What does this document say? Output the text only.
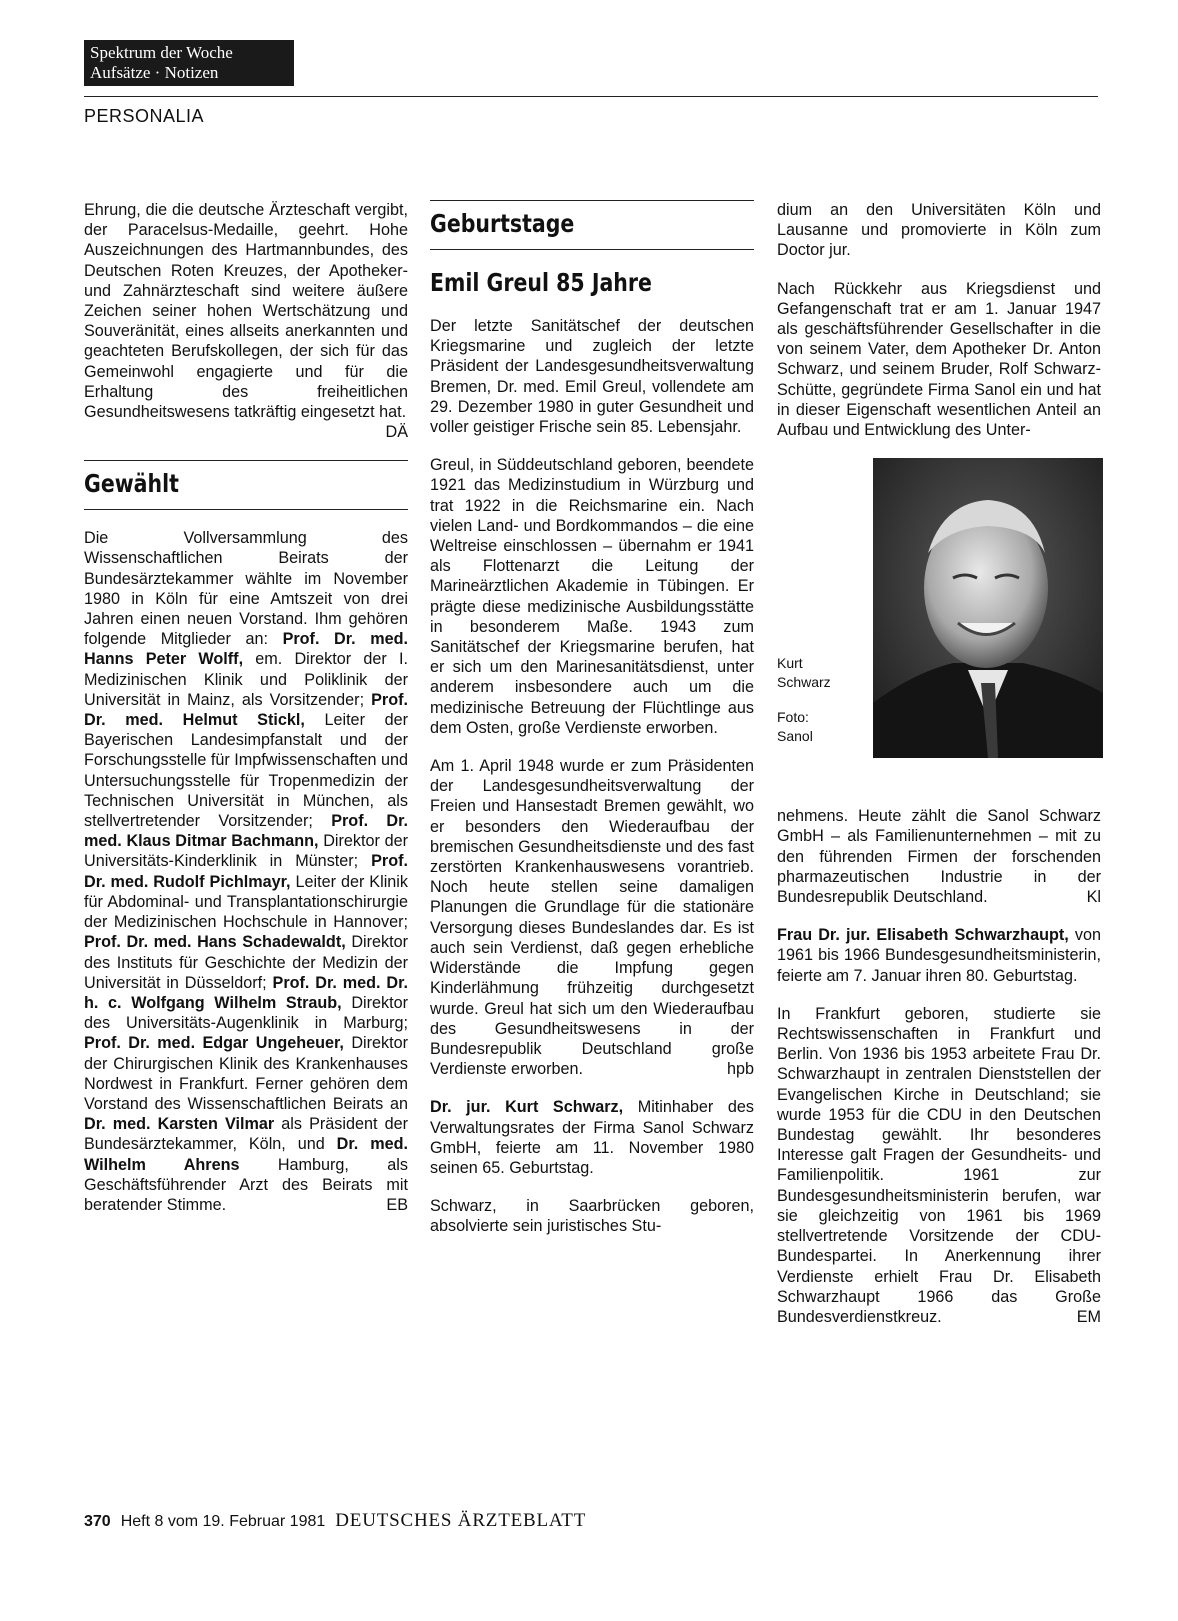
Spektrum der Woche
Aufsätze · Notizen
PERSONALIA

Ehrung, die die deutsche Ärzteschaft vergibt, der Paracelsus-Medaille, geehrt. Hohe Auszeichnungen des Hartmannbundes, des Deutschen Roten Kreuzes, der Apotheker- und Zahnärzteschaft sind weitere äußere Zeichen seiner hohen Wertschätzung und Souveränität, eines allseits anerkannten und geachteten Berufskollegen, der sich für das Gemeinwohl engagierte und für die Erhaltung des freiheitlichen Gesundheitswesens tatkräftig eingesetzt hat.
DÄ

Gewählt

Die Vollversammlung des Wissenschaftlichen Beirats der Bundesärztekammer wählte im November 1980 in Köln für eine Amtszeit von drei Jahren einen neuen Vorstand. Ihm gehören folgende Mitglieder an: Prof. Dr. med. Hanns Peter Wolff, em. Direktor der I. Medizinischen Klinik und Poliklinik der Universität in Mainz, als Vorsitzender; Prof. Dr. med. Helmut Stickl, Leiter der Bayerischen Landesimpfanstalt und der Forschungsstelle für Impfwissenschaften und Untersuchungsstelle für Tropenmedizin der Technischen Universität in München, als stellvertretender Vorsitzender; Prof. Dr. med. Klaus Ditmar Bachmann, Direktor der Universitäts-Kinderklinik in Münster; Prof. Dr. med. Rudolf Pichlmayr, Leiter der Klinik für Abdominal- und Transplantationschirurgie der Medizinischen Hochschule in Hannover; Prof. Dr. med. Hans Schadewaldt, Direktor des Instituts für Geschichte der Medizin der Universität in Düsseldorf; Prof. Dr. med. Dr. h. c. Wolfgang Wilhelm Straub, Direktor des Universitäts-Augenklinik in Marburg; Prof. Dr. med. Edgar Ungeheuer, Direktor der Chirurgischen Klinik des Krankenhauses Nordwest in Frankfurt. Ferner gehören dem Vorstand des Wissenschaftlichen Beirats an Dr. med. Karsten Vilmar als Präsident der Bundesärztekammer, Köln, und Dr. med. Wilhelm Ahrens Hamburg, als Geschäftsführender Arzt des Beirats mit beratender Stimme.	EB

Geburtstage
Emil Greul 85 Jahre

Der letzte Sanitätschef der deutschen Kriegsmarine und zugleich der letzte Präsident der Landesgesundheitsverwaltung Bremen, Dr. med. Emil Greul, vollendete am 29. Dezember 1980 in guter Gesundheit und voller geistiger Frische sein 85. Lebensjahr.

Greul, in Süddeutschland geboren, beendete 1921 das Medizinstudium in Würzburg und trat 1922 in die Reichsmarine ein. Nach vielen Land- und Bordkommandos – die eine Weltreise einschlossen – übernahm er 1941 als Flottenarzt die Leitung der Marineärztlichen Akademie in Tübingen. Er prägte diese medizinische Ausbildungsstätte in besonderem Maße. 1943 zum Sanitätschef der Kriegsmarine berufen, hat er sich um den Marinesanitätsdienst, unter anderem insbesondere auch um die medizinische Betreuung der Flüchtlinge aus dem Osten, große Verdienste erworben.

Am 1. April 1948 wurde er zum Präsidenten der Landesgesundheitsverwaltung der Freien und Hansestadt Bremen gewählt, wo er besonders den Wiederaufbau der bremischen Gesundheitsdienste und des fast zerstörten Krankenhauswesens vorantrieb. Noch heute stellen seine damaligen Planungen die Grundlage für die stationäre Versorgung dieses Bundeslandes dar. Es ist auch sein Verdienst, daß gegen erhebliche Widerstände die Impfung gegen Kinderlähmung frühzeitig durchgesetzt wurde. Greul hat sich um den Wiederaufbau des Gesundheitswesens in der Bundesrepublik Deutschland große Verdienste erworben.	hpb

Dr. jur. Kurt Schwarz, Mitinhaber des Verwaltungsrates der Firma Sanol Schwarz GmbH, feierte am 11. November 1980 seinen 65. Geburtstag.

Schwarz, in Saarbrücken geboren, absolvierte sein juristisches Stu-

dium an den Universitäten Köln und Lausanne und promovierte in Köln zum Doctor jur.

Nach Rückkehr aus Kriegsdienst und Gefangenschaft trat er am 1. Januar 1947 als geschäftsführender Gesellschafter in die von seinem Vater, dem Apotheker Dr. Anton Schwarz, und seinem Bruder, Rolf Schwarz-Schütte, gegründete Firma Sanol ein und hat in dieser Eigenschaft wesentlichen Anteil an Aufbau und Entwicklung des Unter-

Kurt
Schwarz
Foto:
Sanol

nehmens. Heute zählt die Sanol Schwarz GmbH – als Familienunternehmen – mit zu den führenden Firmen der forschenden pharmazeutischen Industrie in der Bundesrepublik Deutschland.	Kl

Frau Dr. jur. Elisabeth Schwarzhaupt, von 1961 bis 1966 Bundesgesundheitsministerin, feierte am 7. Januar ihren 80. Geburtstag.

In Frankfurt geboren, studierte sie Rechtswissenschaften in Frankfurt und Berlin. Von 1936 bis 1953 arbeitete Frau Dr. Schwarzhaupt in zentralen Dienststellen der Evangelischen Kirche in Deutschland; sie wurde 1953 für die CDU in den Deutschen Bundestag gewählt. Ihr besonderes Interesse galt Fragen der Gesundheits- und Familienpolitik. 1961 zur Bundesgesundheitsministerin berufen, war sie gleichzeitig von 1961 bis 1969 stellvertretende Vorsitzende der CDU-Bundespartei. In Anerkennung ihrer Verdienste erhielt Frau Dr. Elisabeth Schwarzhaupt 1966 das Große Bundesverdienstkreuz.	EM

370 Heft 8 vom 19. Februar 1981 DEUTSCHES ÄRZTEBLATT
